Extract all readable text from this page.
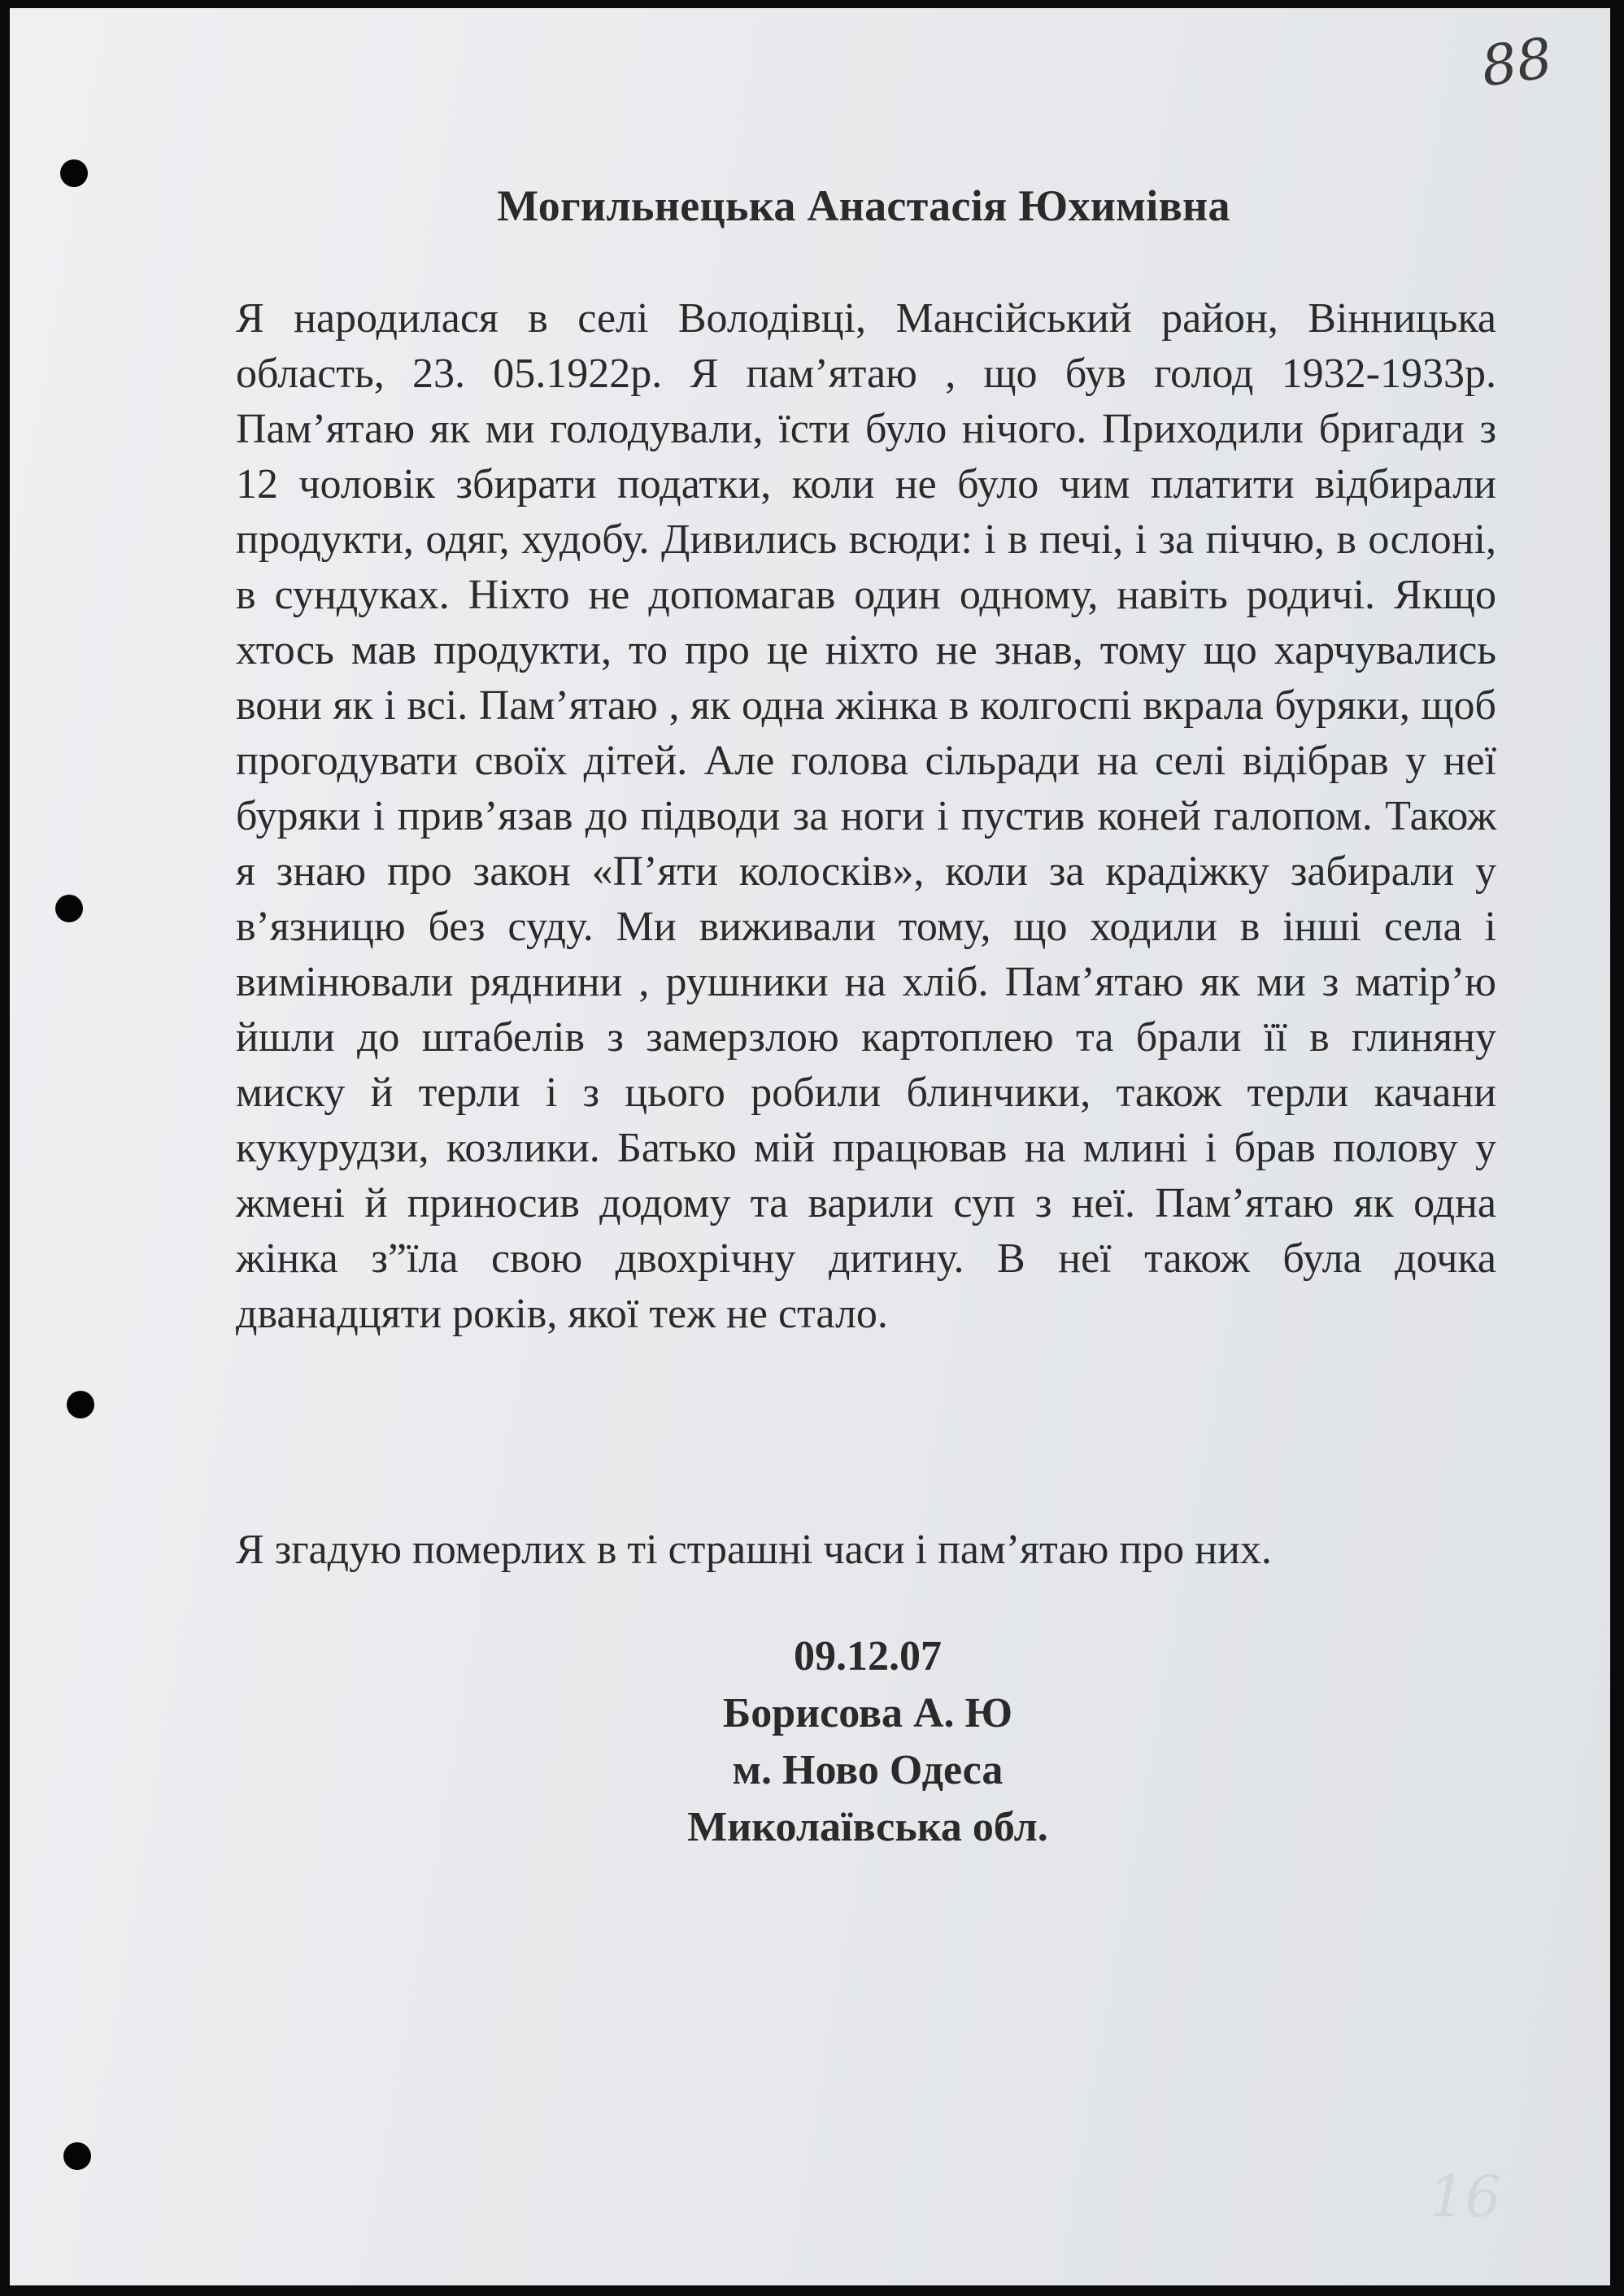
88
Могильнецька Анастасія Юхимівна

Я народилася в селі Володівці, Мансійський район, Вінницька область, 23. 05.1922р. Я пам’ятаю , що був голод 1932-1933р. Пам’ятаю як ми голодували, їсти було нічого. Приходили бригади з 12 чоловік збирати податки, коли не було чим платити відбирали продукти, одяг, худобу. Дивились всюди: і в печі, і за піччю, в ослоні, в сундуках. Ніхто не допомагав один одному, навіть родичі. Якщо хтось мав продукти, то про це ніхто не знав, тому що харчувались вони як і всі. Пам’ятаю , як одна жінка в колгоспі вкрала буряки, щоб прогодувати своїх дітей. Але голова сільради на селі відібрав у неї буряки і прив’язав до підводи за ноги і пустив коней галопом. Також я знаю про закон «П’яти колосків», коли за крадіжку забирали у в’язницю без суду. Ми виживали тому, що ходили в інші села і вимінювали ряднини , рушники на хліб. Пам’ятаю як ми з матір’ю йшли до штабелів з замерзлою картоплею та брали її в глиняну миску й терли і з цього робили блинчики, також терли качани кукурудзи, козлики. Батько мій працював на млині і брав полову у жмені й приносив додому та варили суп з неї. Пам’ятаю як одна жінка з”їла свою двохрічну дитину. В неї також була дочка дванадцяти років, якої теж не стало.

Я згадую померлих в ті страшні часи і пам’ятаю про них.

09.12.07
Борисова А. Ю
м. Ново Одеса
Миколаївська обл.
16
